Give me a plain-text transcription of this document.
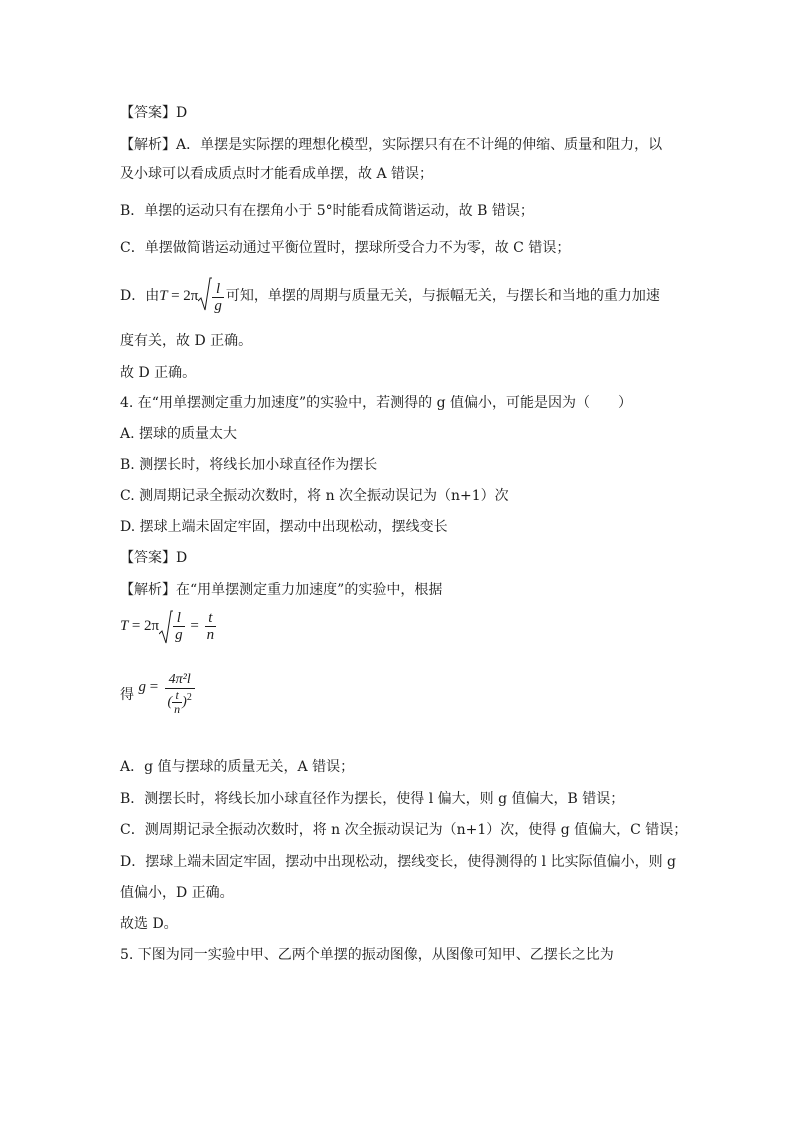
【答案】D
【解析】A．单摆是实际摆的理想化模型，实际摆只有在不计绳的伸缩、质量和阻力，以
及小球可以看成质点时才能看成单摆，故 A 错误；
B．单摆的运动只有在摆角小于 5°时能看成简谐运动，故 B 错误；
C．单摆做简谐运动通过平衡位置时，摆球所受合力不为零，故 C 错误；
D．由$T = 2\pi \frac{l}{g}$ 可知，单摆的周期与质量无关，与振幅无关，与摆长和当地的重力加速
度有关，故 D 正确。
故 D 正确。
4. 在“用单摆测定重力加速度”的实验中，若测得的 g 值偏小，可能是因为（　　）
A. 摆球的质量太大
B. 测摆长时，将线长加小球直径作为摆长
C. 测周期记录全振动次数时，将 n 次全振动误记为（n+1）次
D. 摆球上端未固定牢固，摆动中出现松动，摆线变长
【答案】D
【解析】在“用单摆测定重力加速度”的实验中，根据
$T = 2\pi \frac{l}{g} = \frac{t}{n}$
得 $g = \frac{\text{4π²l}}{( \frac{t}{n} )^2}$
A．g 值与摆球的质量无关，A 错误；
B．测摆长时，将线长加小球直径作为摆长，使得 l 偏大，则 g 值偏大，B 错误；
C．测周期记录全振动次数时，将 n 次全振动误记为（n+1）次，使得 g 值偏大，C 错误；
D．摆球上端未固定牢固，摆动中出现松动，摆线变长，使得测得的 l 比实际值偏小，则 g
值偏小，D 正确。
故选 D。
5. 下图为同一实验中甲、乙两个单摆的振动图像，从图像可知甲、乙摆长之比为
